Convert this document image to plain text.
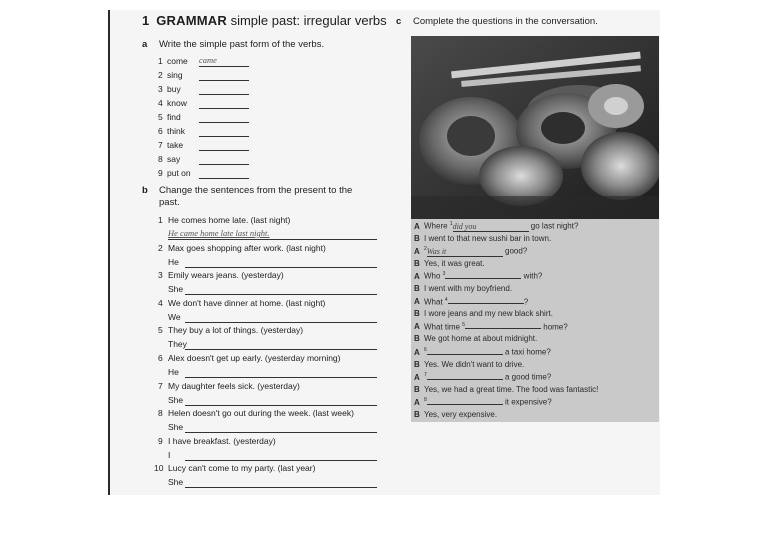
1 GRAMMAR simple past: irregular verbs
a Write the simple past form of the verbs.
1 come came
2 sing
3 buy
4 know
5 find
6 think
7 take
8 say
9 put on
b Change the sentences from the present to the
past.
1 He comes home late. (last night)
He came home late last night.
2 Max goes shopping after work. (last night)
He
3 Emily wears jeans. (yesterday)
She
4 We don't have dinner at home. (last night)
We
5 They buy a lot of things. (yesterday)
They
6 Alex doesn't get up early. (yesterday morning)
He
7 My daughter feels sick. (yesterday)
She
8 Helen doesn't go out during the week. (last week)
She
9 I have breakfast. (yesterday)
I
10 Lucy can't come to my party. (last year)
She
c Complete the questions in the conversation.
A Where $^1$did you	go last night?
B I went to that new sushi bar in town.
A $^2$Was it	good?
B Yes, it was great.
A Who $^3$	with?
B I went with my boyfriend.
A What $^4$	?
B I wore jeans and my new black shirt.
A What time $^5$	home?
B We got home at about midnight.
A $^6$	a taxi home?
B Yes. We didn't want to drive.
A $^7$	a good time?
B Yes, we had a great time. The food was fantastic!
A $^8$	it expensive?
B Yes, very expensive.
